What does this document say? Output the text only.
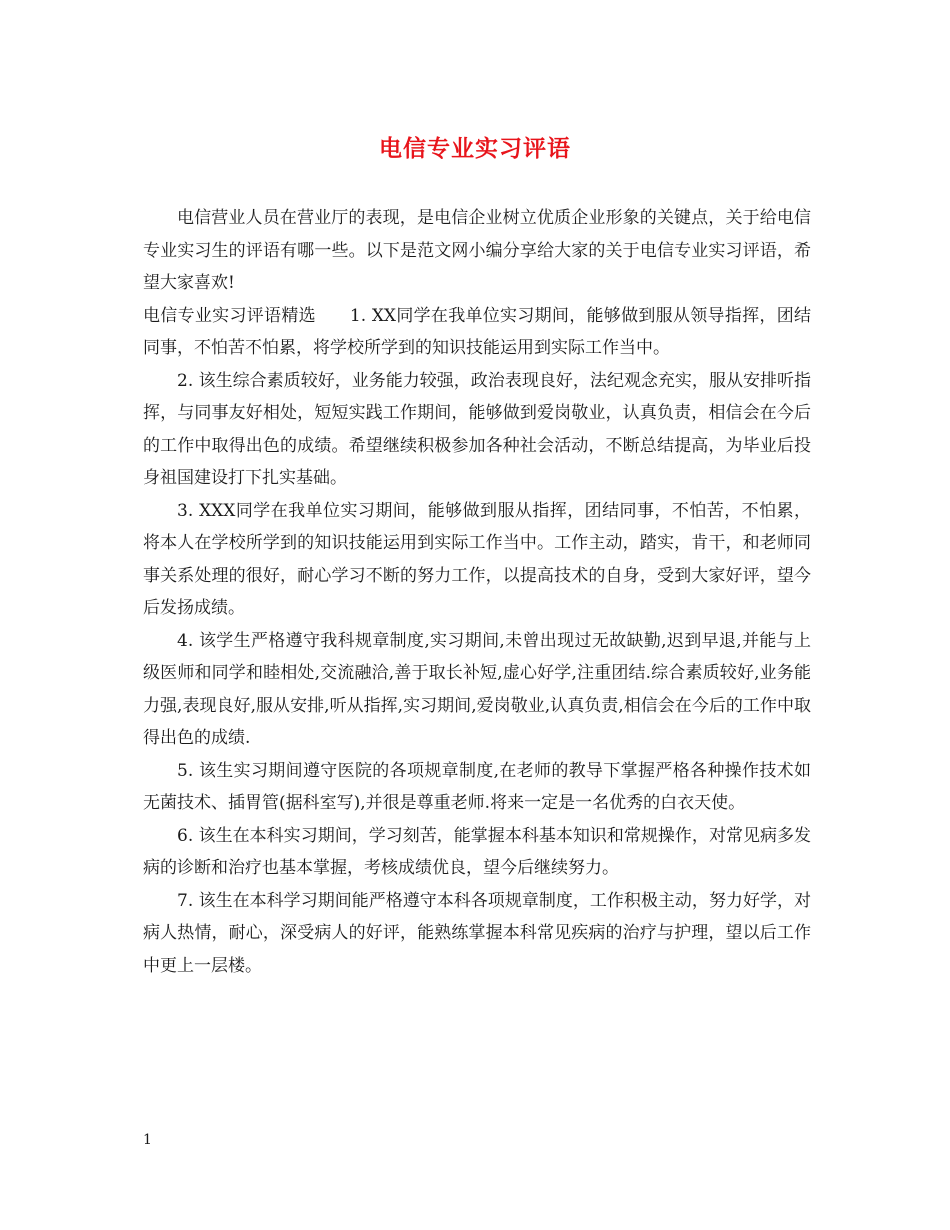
电信专业实习评语

电信营业人员在营业厅的表现，是电信企业树立优质企业形象的关键点，关于给电信专业实习生的评语有哪一些。以下是范文网小编分享给大家的关于电信专业实习评语，希望大家喜欢!

电信专业实习评语精选 1. XX同学在我单位实习期间，能够做到服从领导指挥，团结同事，不怕苦不怕累，将学校所学到的知识技能运用到实际工作当中。

2. 该生综合素质较好，业务能力较强，政治表现良好，法纪观念充实，服从安排听指挥，与同事友好相处，短短实践工作期间，能够做到爱岗敬业，认真负责，相信会在今后的工作中取得出色的成绩。希望继续积极参加各种社会活动，不断总结提高，为毕业后投身祖国建设打下扎实基础。

3. XXX同学在我单位实习期间，能够做到服从指挥，团结同事，不怕苦，不怕累，将本人在学校所学到的知识技能运用到实际工作当中。工作主动，踏实，肯干，和老师同事关系处理的很好，耐心学习不断的努力工作，以提高技术的自身，受到大家好评，望今后发扬成绩。

4. 该学生严格遵守我科规章制度,实习期间,未曾出现过无故缺勤,迟到早退,并能与上级医师和同学和睦相处,交流融洽,善于取长补短,虚心好学,注重团结.综合素质较好,业务能力强,表现良好,服从安排,听从指挥,实习期间,爱岗敬业,认真负责,相信会在今后的工作中取得出色的成绩.

5. 该生实习期间遵守医院的各项规章制度,在老师的教导下掌握严格各种操作技术如无菌技术、插胃管(据科室写),并很是尊重老师.将来一定是一名优秀的白衣天使。

6. 该生在本科实习期间，学习刻苦，能掌握本科基本知识和常规操作，对常见病多发病的诊断和治疗也基本掌握，考核成绩优良，望今后继续努力。

7. 该生在本科学习期间能严格遵守本科各项规章制度，工作积极主动，努力好学，对病人热情，耐心，深受病人的好评，能熟练掌握本科常见疾病的治疗与护理，望以后工作中更上一层楼。

1
